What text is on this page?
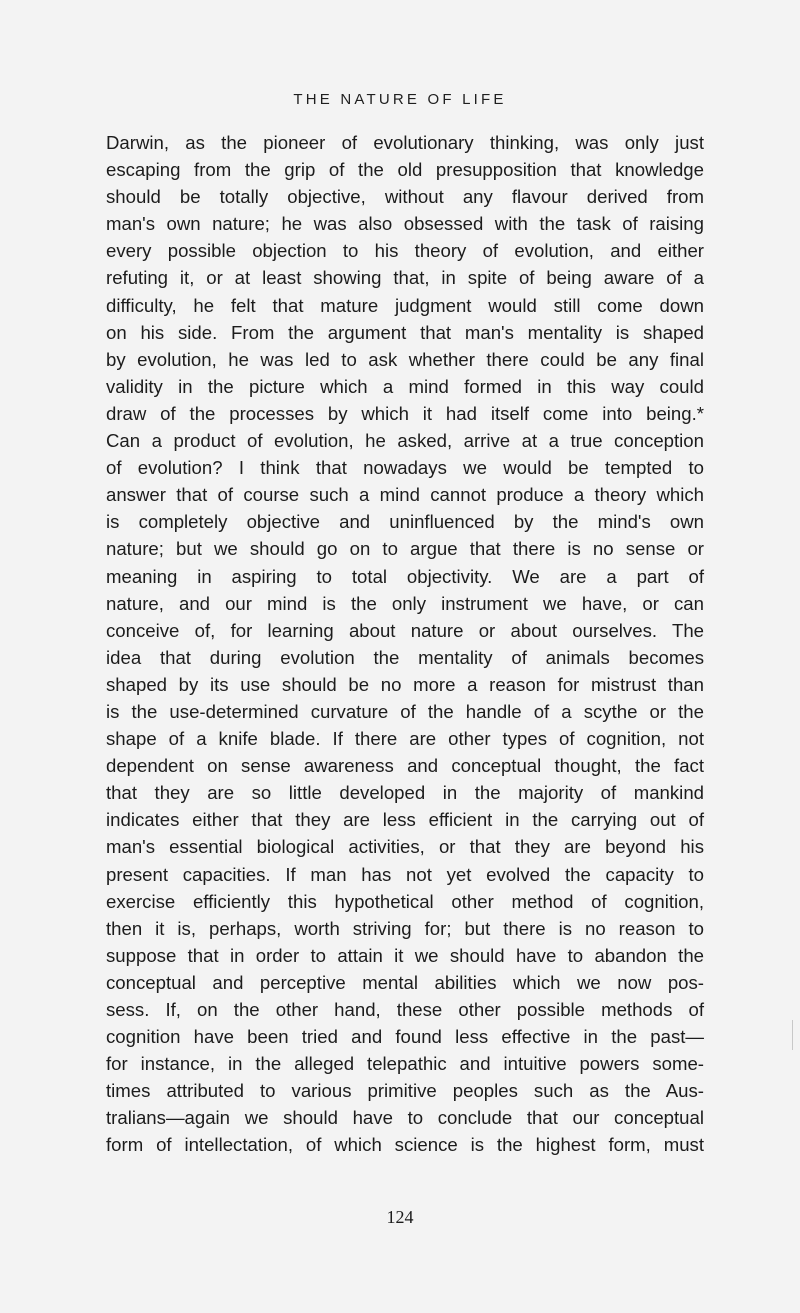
THE NATURE OF LIFE
Darwin, as the pioneer of evolutionary thinking, was only just
escaping from the grip of the old presupposition that knowledge
should be totally objective, without any flavour derived from
man's own nature; he was also obsessed with the task of raising
every possible objection to his theory of evolution, and either
refuting it, or at least showing that, in spite of being aware of a
difficulty, he felt that mature judgment would still come down
on his side. From the argument that man's mentality is shaped
by evolution, he was led to ask whether there could be any final
validity in the picture which a mind formed in this way could
draw of the processes by which it had itself come into being.*
Can a product of evolution, he asked, arrive at a true conception
of evolution? I think that nowadays we would be tempted to
answer that of course such a mind cannot produce a theory which
is completely objective and uninfluenced by the mind's own
nature; but we should go on to argue that there is no sense or
meaning in aspiring to total objectivity. We are a part of
nature, and our mind is the only instrument we have, or can
conceive of, for learning about nature or about ourselves. The
idea that during evolution the mentality of animals becomes
shaped by its use should be no more a reason for mistrust than
is the use-determined curvature of the handle of a scythe or the
shape of a knife blade. If there are other types of cognition, not
dependent on sense awareness and conceptual thought, the fact
that they are so little developed in the majority of mankind
indicates either that they are less efficient in the carrying out of
man's essential biological activities, or that they are beyond his
present capacities. If man has not yet evolved the capacity to
exercise efficiently this hypothetical other method of cognition,
then it is, perhaps, worth striving for; but there is no reason to
suppose that in order to attain it we should have to abandon the
conceptual and perceptive mental abilities which we now pos-
sess. If, on the other hand, these other possible methods of
cognition have been tried and found less effective in the past—
for instance, in the alleged telepathic and intuitive powers some-
times attributed to various primitive peoples such as the Aus-
tralians—again we should have to conclude that our conceptual
form of intellectation, of which science is the highest form, must
124
